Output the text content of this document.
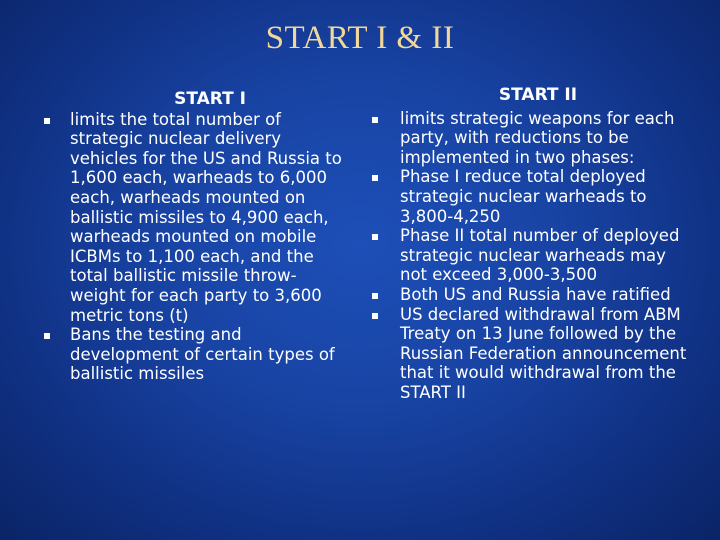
START I & II
START I
limits the total number of strategic nuclear delivery vehicles for the US and Russia to 1,600 each, warheads to 6,000 each, warheads mounted on ballistic missiles to 4,900 each, warheads mounted on mobile ICBMs to 1,100 each, and the total ballistic missile throw-weight for each party to 3,600 metric tons (t)
Bans the testing and development of certain types of ballistic missiles
START II
limits strategic weapons for each party, with reductions to be implemented in two phases:
Phase I reduce total deployed strategic nuclear warheads to 3,800-4,250
Phase II total number of deployed strategic nuclear warheads may not exceed 3,000-3,500
Both US and Russia have ratified
US declared withdrawal from ABM Treaty on 13 June followed by the Russian Federation announcement that it would withdrawal from the START II
